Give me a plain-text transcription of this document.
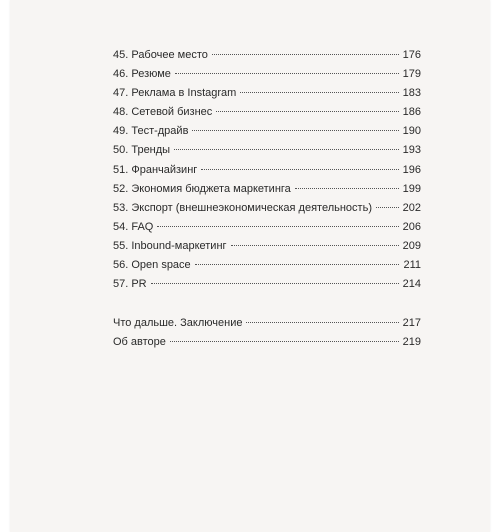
45. Рабочее место	176
46. Резюме	179
47. Реклама в Instagram	183
48. Сетевой бизнес	186
49. Тест-драйв	190
50. Тренды	193
51. Франчайзинг	196
52. Экономия бюджета маркетинга	199
53. Экспорт (внешнеэкономическая деятельность)	202
54. FAQ	206
55. Inbound-маркетинг	209
56. Open space	211
57. PR	214
Что дальше. Заключение	217
Об авторе	219
